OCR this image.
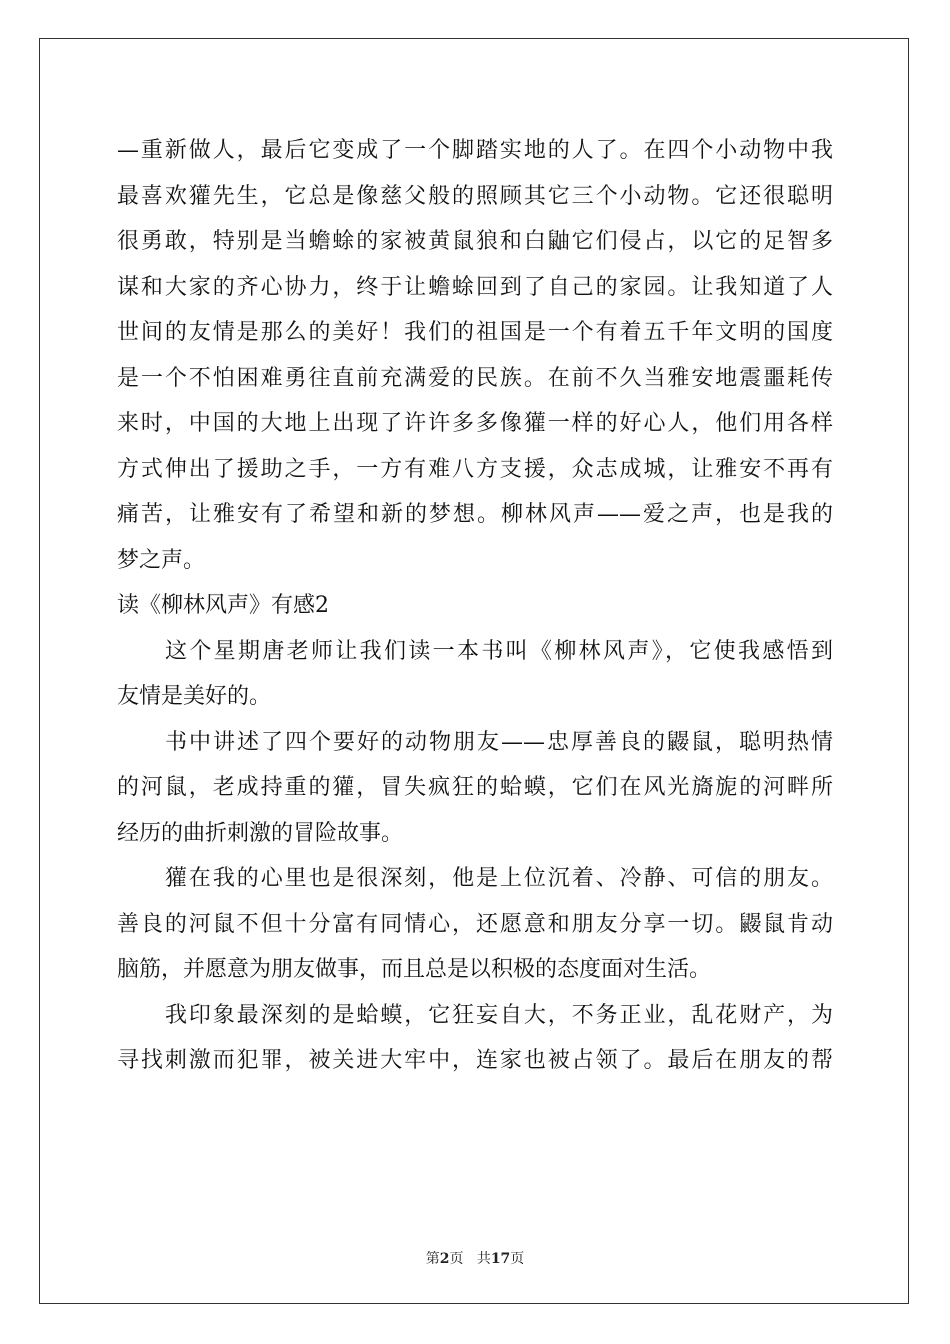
—重新做人，最后它变成了一个脚踏实地的人了。在四个小动物中我
最喜欢獾先生，它总是像慈父般的照顾其它三个小动物。它还很聪明
很勇敢，特别是当蟾蜍的家被黄鼠狼和白鼬它们侵占，以它的足智多
谋和大家的齐心协力，终于让蟾蜍回到了自己的家园。让我知道了人
世间的友情是那么的美好！我们的祖国是一个有着五千年文明的国度
是一个不怕困难勇往直前充满爱的民族。在前不久当雅安地震噩耗传
来时，中国的大地上出现了许许多多像獾一样的好心人，他们用各样
方式伸出了援助之手，一方有难八方支援，众志成城，让雅安不再有
痛苦，让雅安有了希望和新的梦想。柳林风声——爱之声，也是我的
梦之声。
读《柳林风声》有感2
这个星期唐老师让我们读一本书叫《柳林风声》，它使我感悟到
友情是美好的。
书中讲述了四个要好的动物朋友——忠厚善良的鼹鼠，聪明热情
的河鼠，老成持重的獾，冒失疯狂的蛤蟆，它们在风光旖旎的河畔所
经历的曲折刺激的冒险故事。
獾在我的心里也是很深刻，他是上位沉着、冷静、可信的朋友。
善良的河鼠不但十分富有同情心，还愿意和朋友分享一切。鼹鼠肯动
脑筋，并愿意为朋友做事，而且总是以积极的态度面对生活。
我印象最深刻的是蛤蟆，它狂妄自大，不务正业，乱花财产，为
寻找刺激而犯罪，被关进大牢中，连家也被占领了。最后在朋友的帮
第2页 共17页
